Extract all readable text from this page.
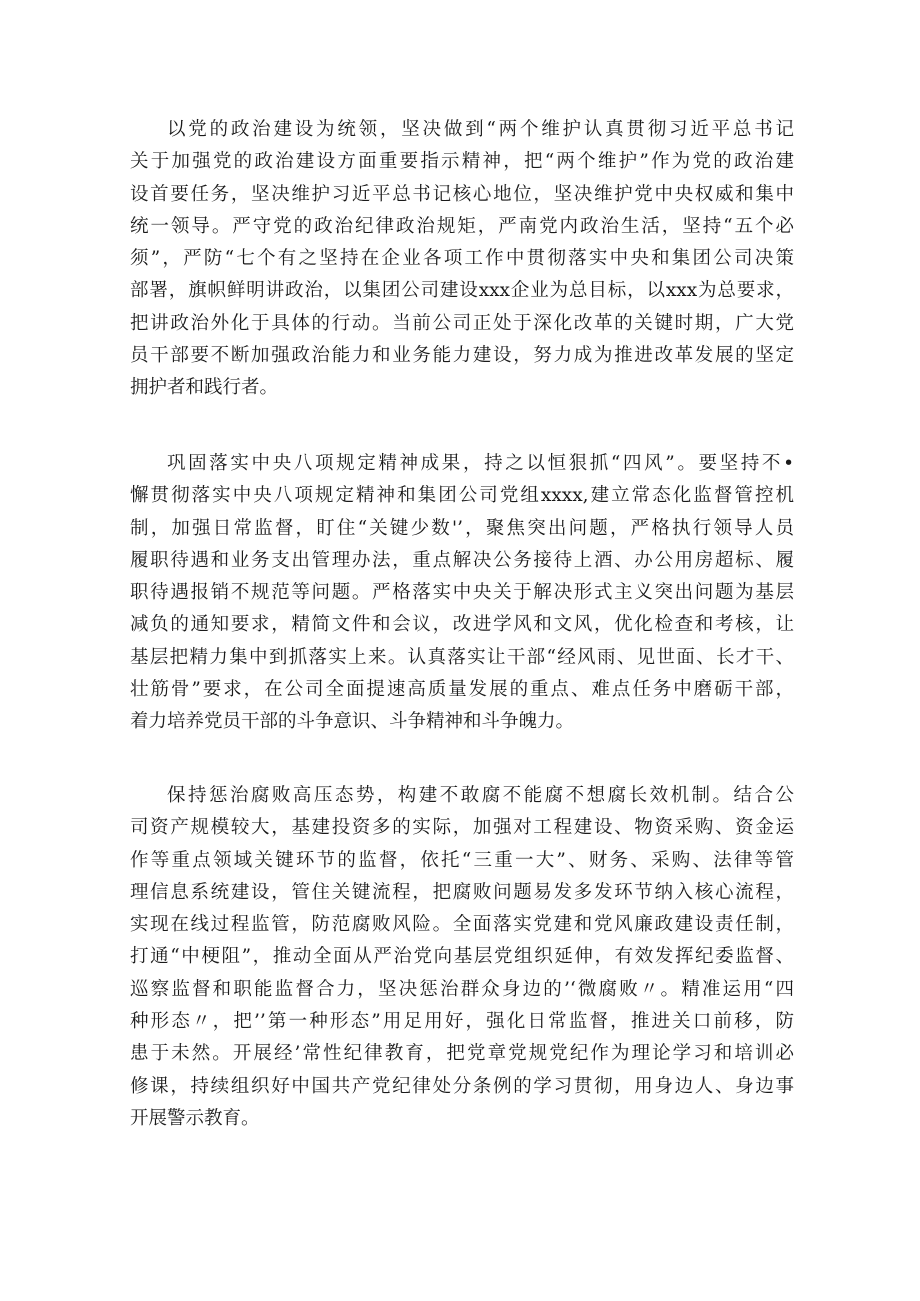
以党的政治建设为统领，坚决做到“两个维护认真贯彻习近平总书记
关于加强党的政治建设方面重要指示精神，把“两个维护”作为党的政治建
设首要任务，坚决维护习近平总书记核心地位，坚决维护党中央权威和集中
统一领导。严守党的政治纪律政治规矩，严南党内政治生活，坚持“五个必
须”，严防“七个有之坚持在企业各项工作中贯彻落实中央和集团公司决策
部署，旗帜鲜明讲政治，以集团公司建设xxx企业为总目标，以xxx为总要求，
把讲政治外化于具体的行动。当前公司正处于深化改革的关键时期，广大党
员干部要不断加强政治能力和业务能力建设，努力成为推进改革发展的坚定
拥护者和践行者。
巩固落实中央八项规定精神成果，持之以恒狠抓“四风”。要坚持不•
懈贯彻落实中央八项规定精神和集团公司党组xxxx,建立常态化监督管控机
制，加强日常监督，盯住“关键少数'’，聚焦突出问题，严格执行领导人员
履职待遇和业务支出管理办法，重点解决公务接待上酒、办公用房超标、履
职待遇报销不规范等问题。严格落实中央关于解决形式主义突出问题为基层
减负的通知要求，精简文件和会议，改进学风和文风，优化检查和考核，让
基层把精力集中到抓落实上来。认真落实让干部“经风雨、见世面、长才干、
壮筋骨”要求，在公司全面提速高质量发展的重点、难点任务中磨砺干部，
着力培养党员干部的斗争意识、斗争精神和斗争魄力。
保持惩治腐败高压态势，构建不敢腐不能腐不想腐长效机制。结合公
司资产规模较大，基建投资多的实际，加强对工程建设、物资采购、资金运
作等重点领域关键环节的监督，依托“三重一大”、财务、采购、法律等管
理信息系统建设，管住关键流程，把腐败问题易发多发环节纳入核心流程，
实现在线过程监管，防范腐败风险。全面落实党建和党风廉政建设责任制，
打通“中梗阻”，推动全面从严治党向基层党组织延伸，有效发挥纪委监督、
巡察监督和职能监督合力，坚决惩治群众身边的’‘微腐败〃。精准运用“四
种形态〃，把’’第一种形态”用足用好，强化日常监督，推进关口前移，防
患于未然。开展经’常性纪律教育，把党章党规党纪作为理论学习和培训必
修课，持续组织好中国共产党纪律处分条例的学习贯彻，用身边人、身边事
开展警示教育。
